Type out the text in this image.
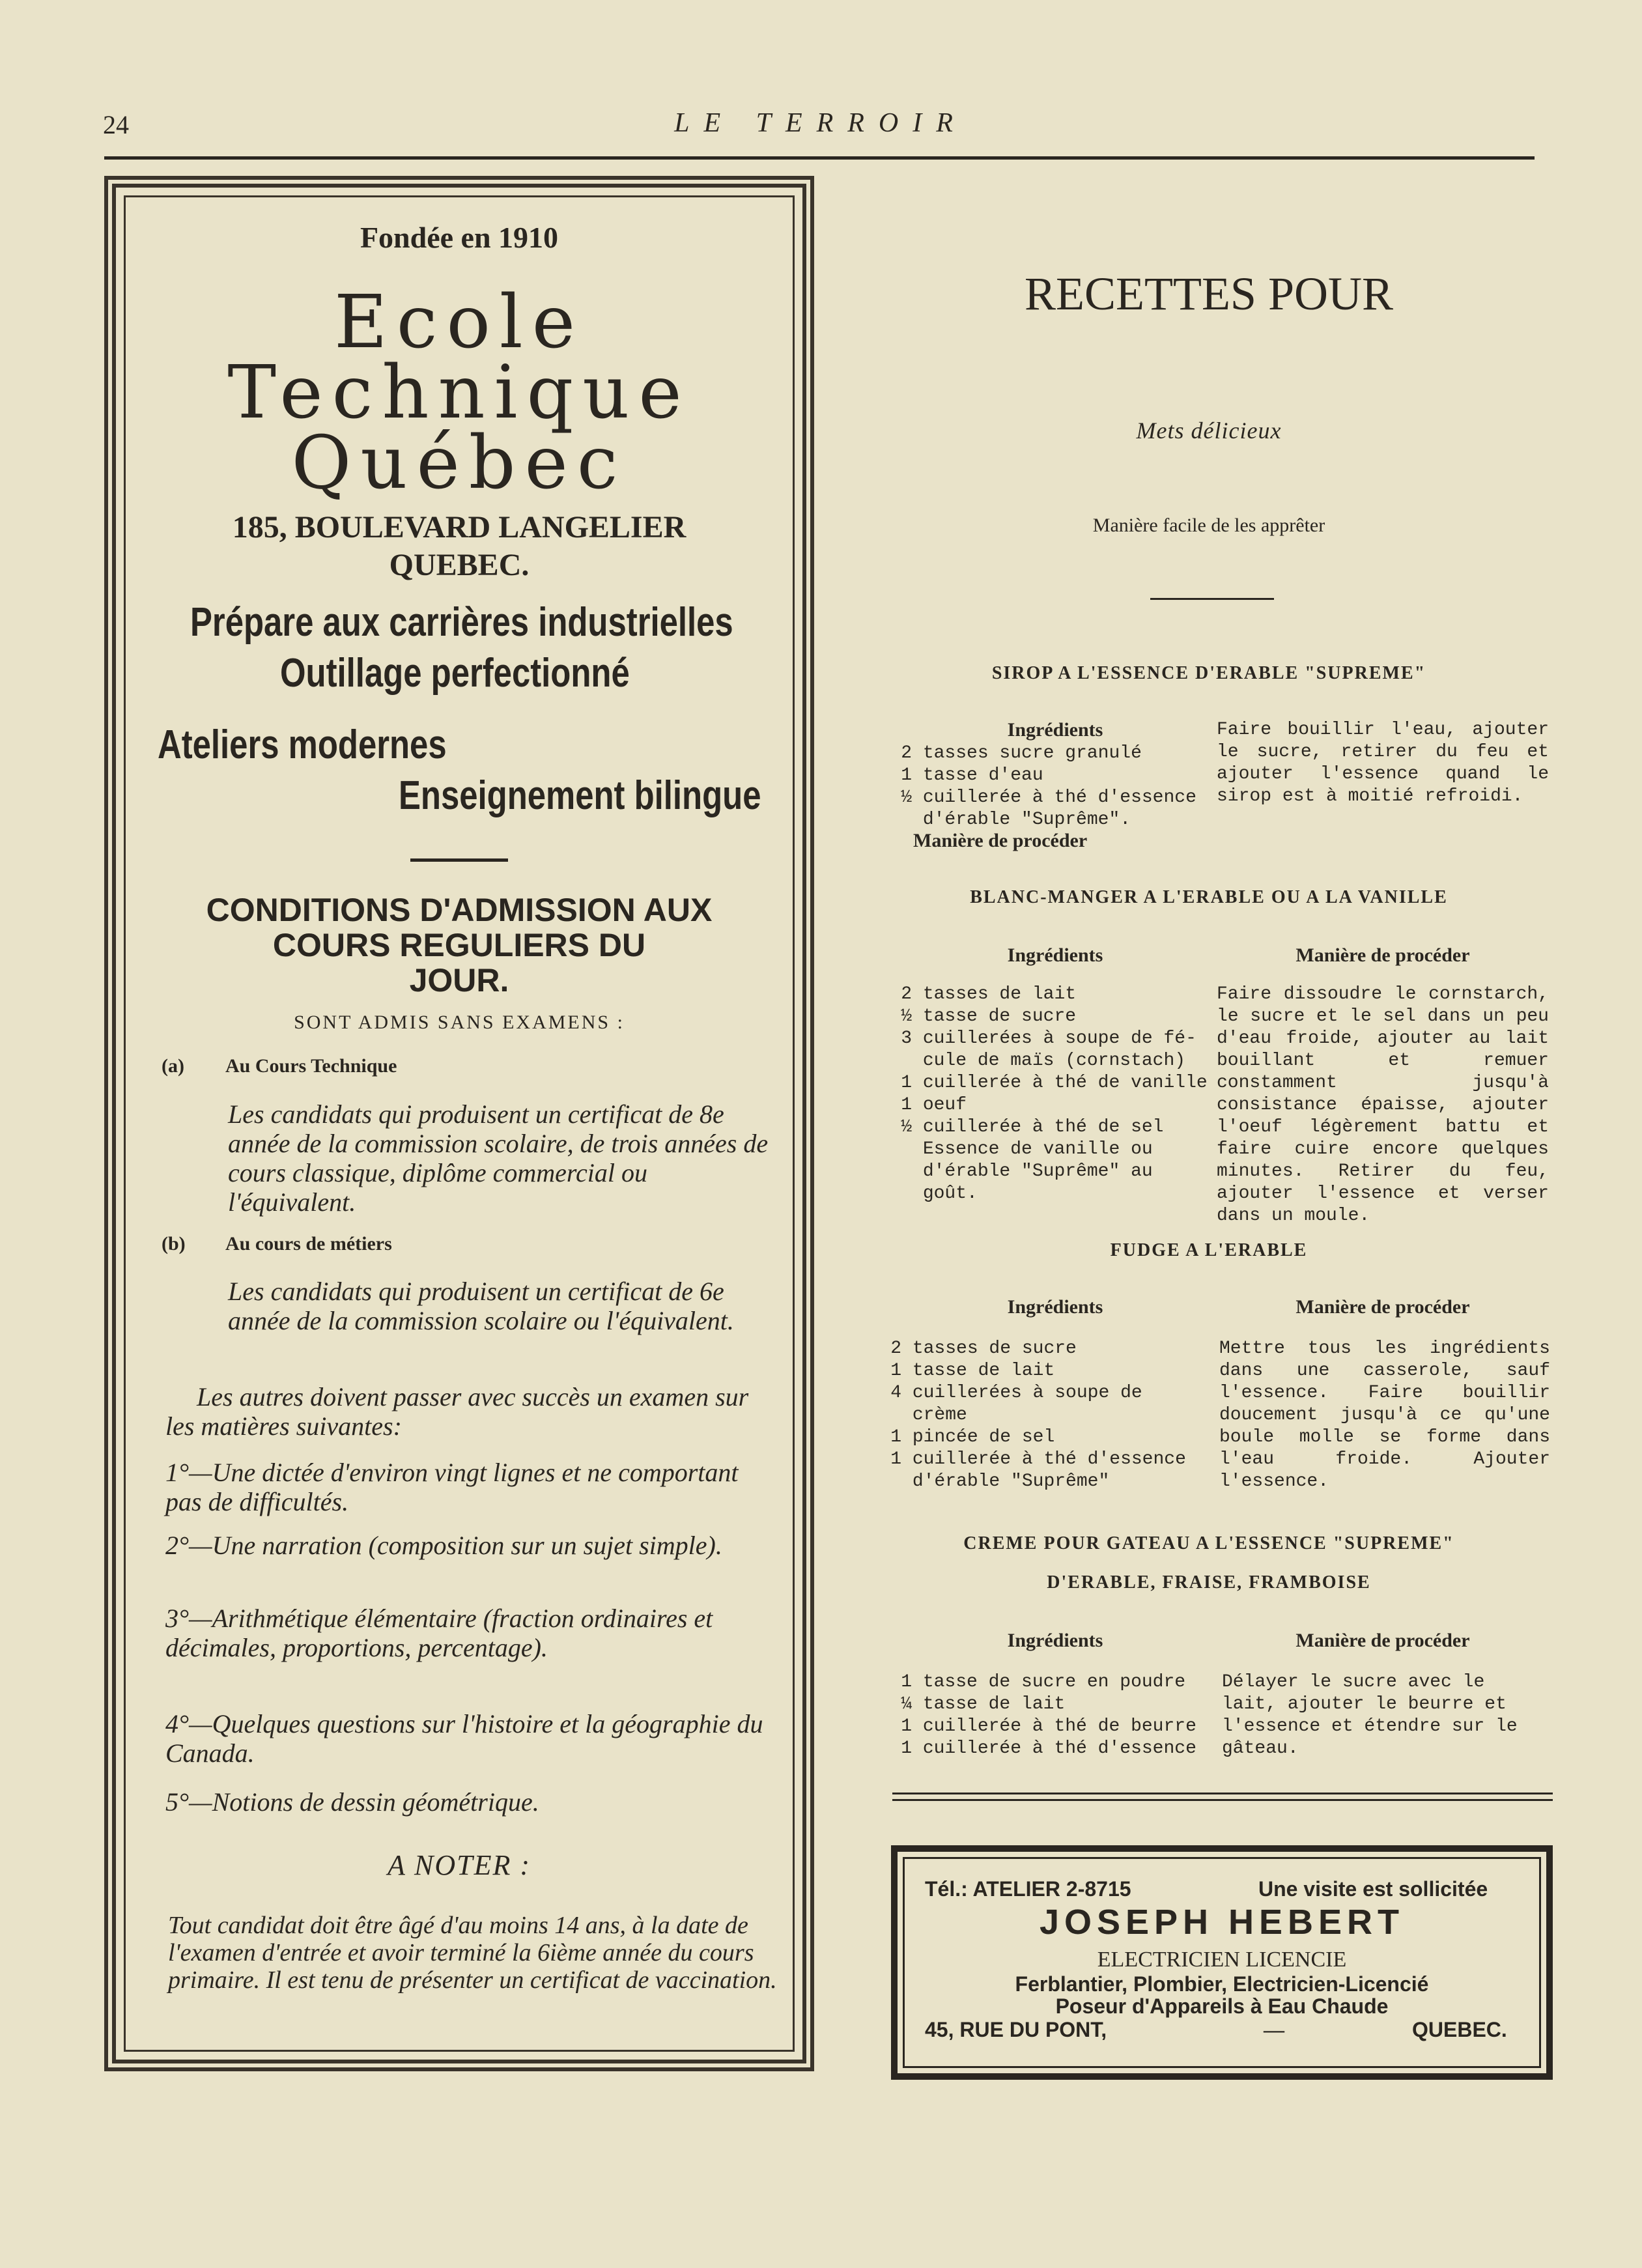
24	LE TERROIR
Fondée en 1910
Ecole
Technique
Québec
185, BOULEVARD LANGELIER
QUEBEC.
Prépare aux carrières industrielles
Outillage perfectionné
Ateliers modernes
Enseignement bilingue
CONDITIONS D'ADMISSION AUX
COURS REGULIERS DU
JOUR.
SONT ADMIS SANS EXAMENS :
(a) Au Cours Technique
Les candidats qui produisent un certificat de 8e année de la commission scolaire, de trois années de cours classique, diplôme commercial ou l'équivalent.
(b) Au cours de métiers
Les candidats qui produisent un certificat de 6e année de la commission scolaire ou l'équivalent.
Les autres doivent passer avec succès un examen sur les matières suivantes:
1°—Une dictée d'environ vingt lignes et ne comportant pas de difficultés.
2°—Une narration (composition sur un sujet simple).
3°—Arithmétique élémentaire (fraction ordinaires et décimales, proportions, percentage).
4°—Quelques questions sur l'histoire et la géographie du Canada.
5°—Notions de dessin géométrique.
A NOTER :
Tout candidat doit être âgé d'au moins 14 ans, à la date de l'examen d'entrée et avoir terminé la 6ième année du cours primaire. Il est tenu de présenter un certificat de vaccination.
RECETTES POUR
Mets délicieux
Manière facile de les apprêter
SIROP A L'ESSENCE D'ERABLE "SUPREME"
Ingrédients
2 tasses sucre granulé
1 tasse d'eau
½ cuillerée à thé d'essence
d'érable "Suprême".
Manière de procéder
Faire bouillir l'eau, ajouter le sucre, retirer du feu et ajouter l'essence quand le sirop est à moitié refroidi.
BLANC-MANGER A L'ERABLE OU A LA VANILLE
Ingrédients	Manière de procéder
2 tasses de lait
½ tasse de sucre
3 cuillerées à soupe de fé-
cule de maïs (cornstach)
1 cuillerée à thé de vanille
1 oeuf
½ cuillerée à thé de sel
Essence de vanille ou
d'érable "Suprême" au
goût.
Faire dissoudre le cornstarch, le sucre et le sel dans un peu d'eau froide, ajouter au lait bouillant et remuer constamment jusqu'à consistance épaisse, ajouter l'oeuf légèrement battu et faire cuire encore quelques minutes. Retirer du feu, ajouter l'essence et verser dans un moule.
FUDGE A L'ERABLE
Ingrédients	Manière de procéder
2 tasses de sucre
1 tasse de lait
4 cuillerées à soupe de
crème
1 pincée de sel
1 cuillerée à thé d'essence
d'érable "Suprême"
Mettre tous les ingrédients dans une casserole, sauf l'essence. Faire bouillir doucement jusqu'à ce qu'une boule molle se forme dans l'eau froide. Ajouter l'essence.
CREME POUR GATEAU A L'ESSENCE "SUPREME"
D'ERABLE, FRAISE, FRAMBOISE
Ingrédients	Manière de procéder
1 tasse de sucre en poudre
¼ tasse de lait
1 cuillerée à thé de beurre
1 cuillerée à thé d'essence
Délayer le sucre avec le lait, ajouter le beurre et l'essence et étendre sur le gâteau.
Tél.: ATELIER 2-8715	Une visite est sollicitée
JOSEPH HEBERT
ELECTRICIEN LICENCIE
Ferblantier, Plombier, Electricien-Licencié
Poseur d'Appareils à Eau Chaude
45, RUE DU PONT,	—	QUEBEC.
